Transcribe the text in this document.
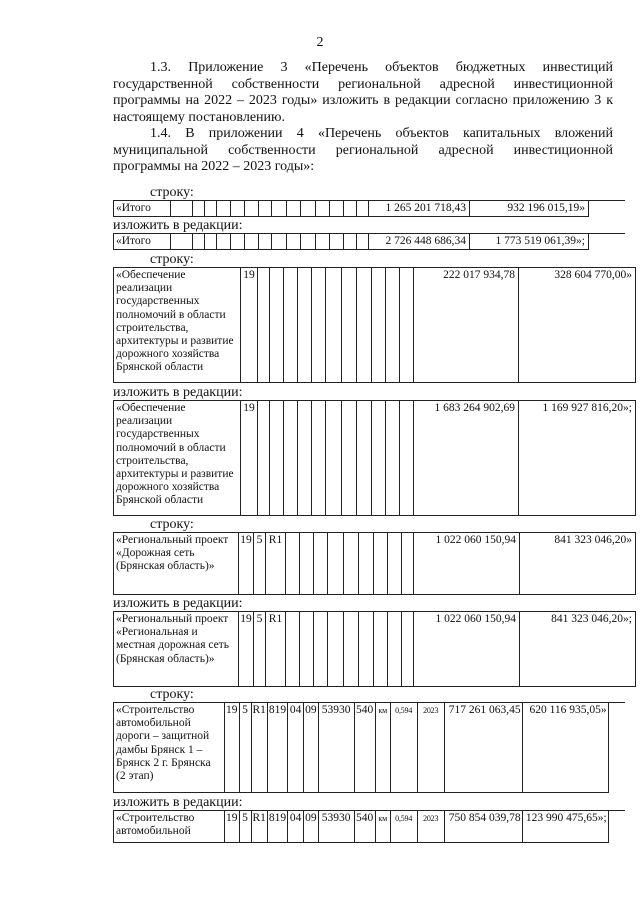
2

1.3. Приложение 3 «Перечень объектов бюджетных инвестиций государственной собственности региональной адресной инвестиционной программы на 2022 – 2023 годы» изложить в редакции согласно приложению 3 к настоящему постановлению.

1.4. В приложении 4 «Перечень объектов капитальных вложений муниципальной собственности региональной адресной инвестиционной программы на 2022 – 2023 годы»:

строку:
«Итого															1 265 201 718,43	932 196 015,19»
изложить в редакции:
«Итого															2 726 448 686,34	1 773 519 061,39»;
строку:
«Обеспечение реализации государственных полномочий в области строительства, архитектуры и развитие дорожного хозяйства Брянской области	19												222 017 934,78	328 604 770,00»
изложить в редакции:
«Обеспечение реализации государственных полномочий в области строительства, архитектуры и развитие дорожного хозяйства Брянской области	19												1 683 264 902,69	1 169 927 816,20»;
строку:
«Региональный проект «Дорожная сеть (Брянская область)»	19	5	R1										1 022 060 150,94	841 323 046,20»
изложить в редакции:
«Региональный проект «Региональная и местная дорожная сеть (Брянская область)»	19	5	R1										1 022 060 150,94	841 323 046,20»;
строку:
«Строительство автомобильной дороги – защитной дамбы Брянск 1 – Брянск 2 г. Брянска (2 этап)	19	5	R1	819	04	09	53930	540	км	0,594	2023	717 261 063,45	620 116 935,05»
изложить в редакции:
«Строительство автомобильной	19	5	R1	819	04	09	53930	540	км	0,594	2023	750 854 039,78	123 990 475,65»;
